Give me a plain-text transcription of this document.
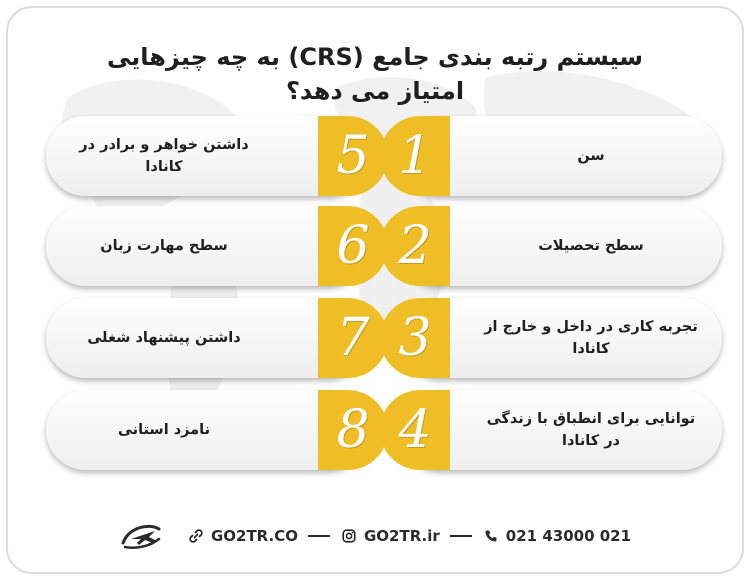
سیستم رتبه بندی جامع (CRS) به چه چیزهایی
امتیاز می دهد؟
سن
داشتن خواهر و برادر در کانادا	1
5
سطح تحصیلات
سطح مهارت زبان	2
6
تجربه کاری در داخل و خارج از کانادا
داشتن پیشنهاد شغلی	3
7
توانایی برای انطباق با زندگی در کانادا
نامزد استانی	4
8
GO2TR.CO	GO2TR.ir	021 43000 021
